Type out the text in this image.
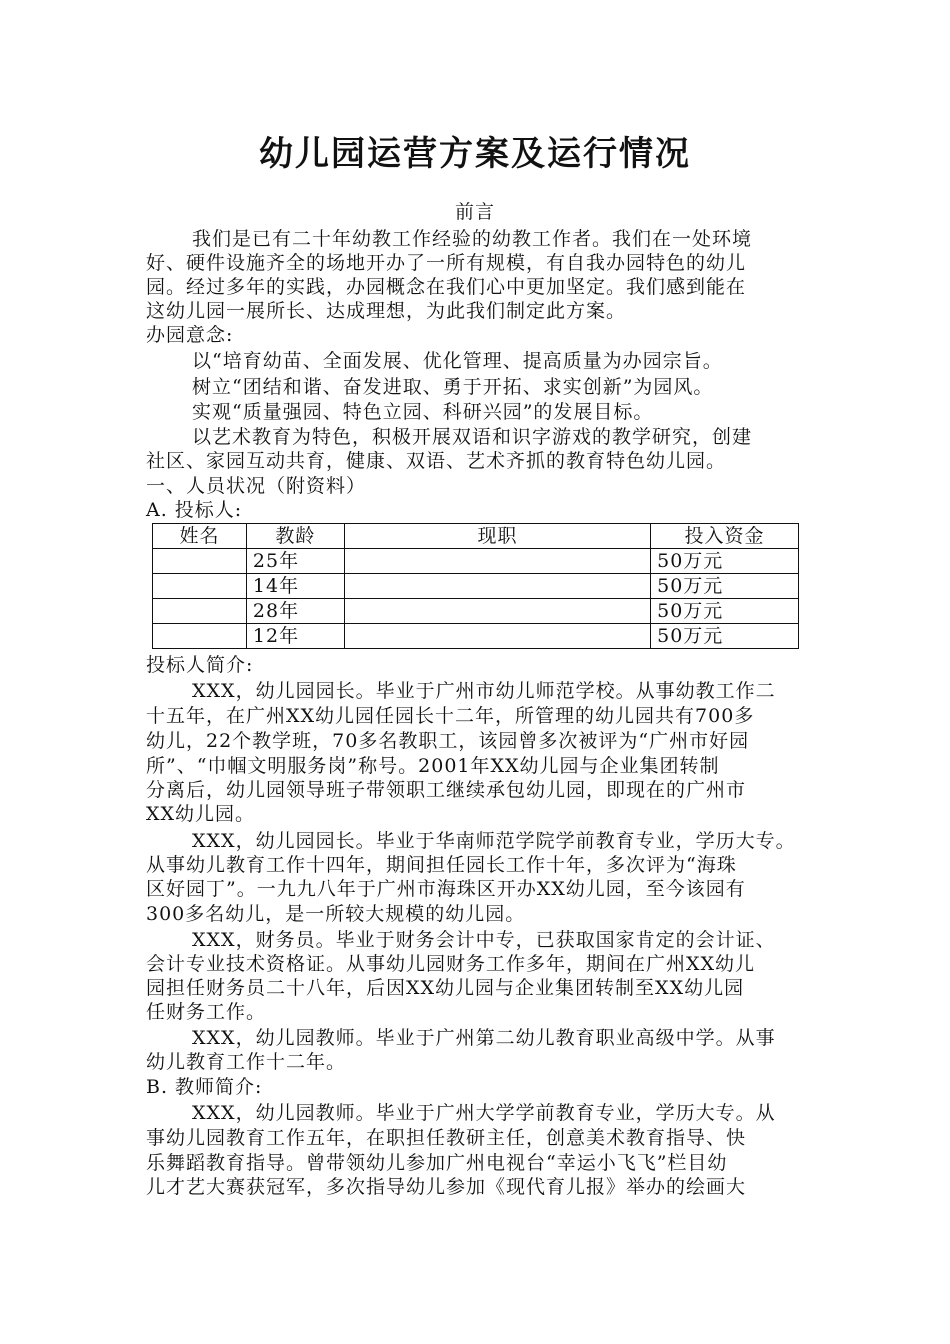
幼儿园运营方案及运行情况
前言
我们是已有二十年幼教工作经验的幼教工作者。我们在一处环境
好、硬件设施齐全的场地开办了一所有规模，有自我办园特色的幼儿
园。经过多年的实践，办园概念在我们心中更加坚定。我们感到能在
这幼儿园一展所长、达成理想，为此我们制定此方案。
办园意念:
以“培育幼苗、全面发展、优化管理、提高质量为办园宗旨。
树立“团结和谐、奋发进取、勇于开拓、求实创新”为园风。
实观“质量强园、特色立园、科研兴园”的发展目标。
以艺术教育为特色，积极开展双语和识字游戏的教学研究，创建
社区、家园互动共育，健康、双语、艺术齐抓的教育特色幼儿园。
一、人员状况（附资料）
A. 投标人:
姓名	教龄	现职	投入资金
	25年		50万元
	14年		50万元
	28年		50万元
	12年		50万元
投标人简介:
XXX，幼儿园园长。毕业于广州市幼儿师范学校。从事幼教工作二
十五年，在广州XX幼儿园任园长十二年，所管理的幼儿园共有700多
幼儿，22个教学班，70多名教职工，该园曾多次被评为“广州市好园
所”、“巾帼文明服务岗”称号。2001年XX幼儿园与企业集团转制
分离后，幼儿园领导班子带领职工继续承包幼儿园，即现在的广州市
XX幼儿园。
XXX，幼儿园园长。毕业于华南师范学院学前教育专业，学历大专。
从事幼儿教育工作十四年，期间担任园长工作十年，多次评为“海珠
区好园丁”。一九九八年于广州市海珠区开办XX幼儿园，至今该园有
300多名幼儿，是一所较大规模的幼儿园。
XXX，财务员。毕业于财务会计中专，已获取国家肯定的会计证、
会计专业技术资格证。从事幼儿园财务工作多年，期间在广州XX幼儿
园担任财务员二十八年，后因XX幼儿园与企业集团转制至XX幼儿园
任财务工作。
XXX，幼儿园教师。毕业于广州第二幼儿教育职业高级中学。从事
幼儿教育工作十二年。
B. 教师简介:
XXX，幼儿园教师。毕业于广州大学学前教育专业，学历大专。从
事幼儿园教育工作五年，在职担任教研主任，创意美术教育指导、快
乐舞蹈教育指导。曾带领幼儿参加广州电视台“幸运小飞飞”栏目幼
儿才艺大赛获冠军，多次指导幼儿参加《现代育儿报》举办的绘画大
